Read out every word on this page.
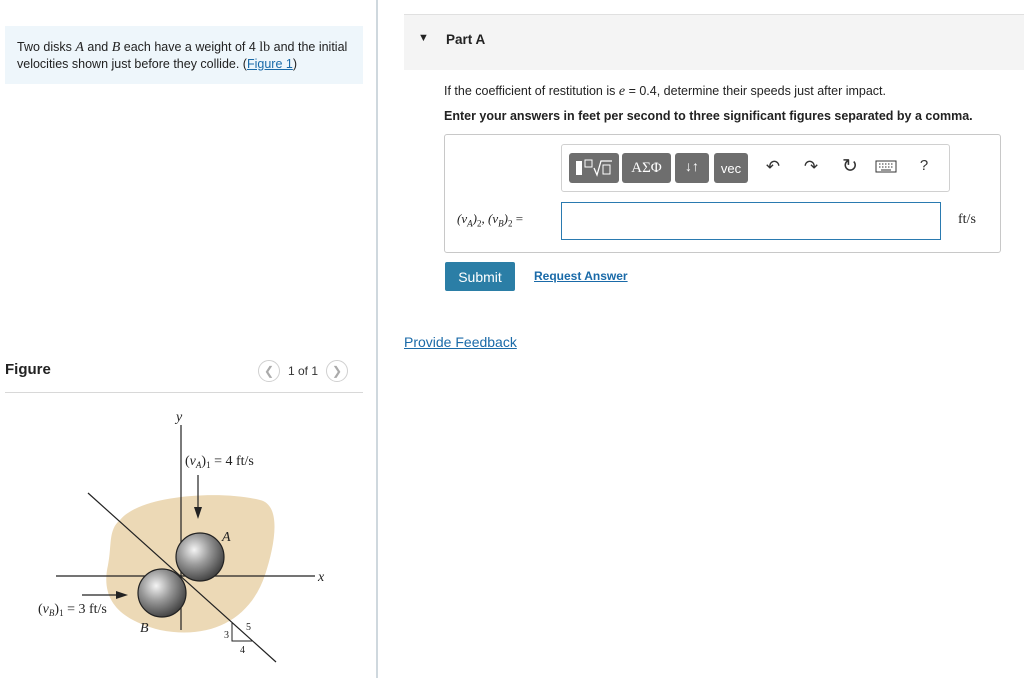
Two disks A and B each have a weight of 4 lb and the initial velocities shown just before they collide. (Figure 1)
Figure	❮	1 of 1	❯
y
x
$(v_A)_1 = 4$ ft/s
$(v_B)_1 = 3$ ft/s
A
B	3
4
5
▼ Part A
If the coefficient of restitution is e = 0.4, determine their speeds just after impact.
Enter your answers in feet per second to three significant figures separated by a comma.
ΑΣΦ	↓↑	vec	↶ ↷ ↻	?
$(v_A)_2$, $(v_B)_2$ =	ft/s
Submit	Request Answer
Provide Feedback
